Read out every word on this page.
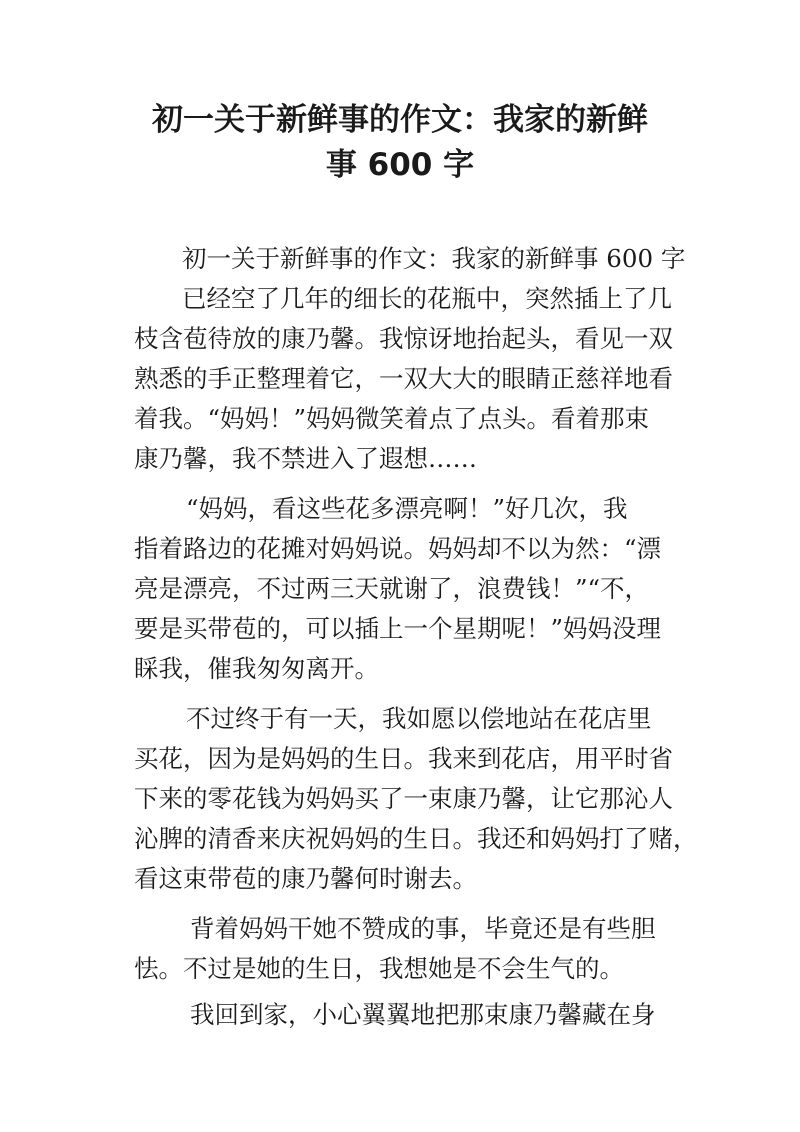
初一关于新鲜事的作文：我家的新鲜
事 600 字
初一关于新鲜事的作文：我家的新鲜事 600 字
已经空了几年的细长的花瓶中，突然插上了几
枝含苞待放的康乃馨。我惊讶地抬起头，看见一双
熟悉的手正整理着它，一双大大的眼睛正慈祥地看
着我。“妈妈！”妈妈微笑着点了点头。看着那束
康乃馨，我不禁进入了遐想……
“妈妈，看这些花多漂亮啊！”好几次，我
指着路边的花摊对妈妈说。妈妈却不以为然：“漂
亮是漂亮，不过两三天就谢了，浪费钱！”“不，
要是买带苞的，可以插上一个星期呢！”妈妈没理
睬我，催我匆匆离开。
不过终于有一天，我如愿以偿地站在花店里
买花，因为是妈妈的生日。我来到花店，用平时省
下来的零花钱为妈妈买了一束康乃馨，让它那沁人
沁脾的清香来庆祝妈妈的生日。我还和妈妈打了赌，
看这束带苞的康乃馨何时谢去。
背着妈妈干她不赞成的事，毕竟还是有些胆
怯。不过是她的生日，我想她是不会生气的。
我回到家，小心翼翼地把那束康乃馨藏在身
